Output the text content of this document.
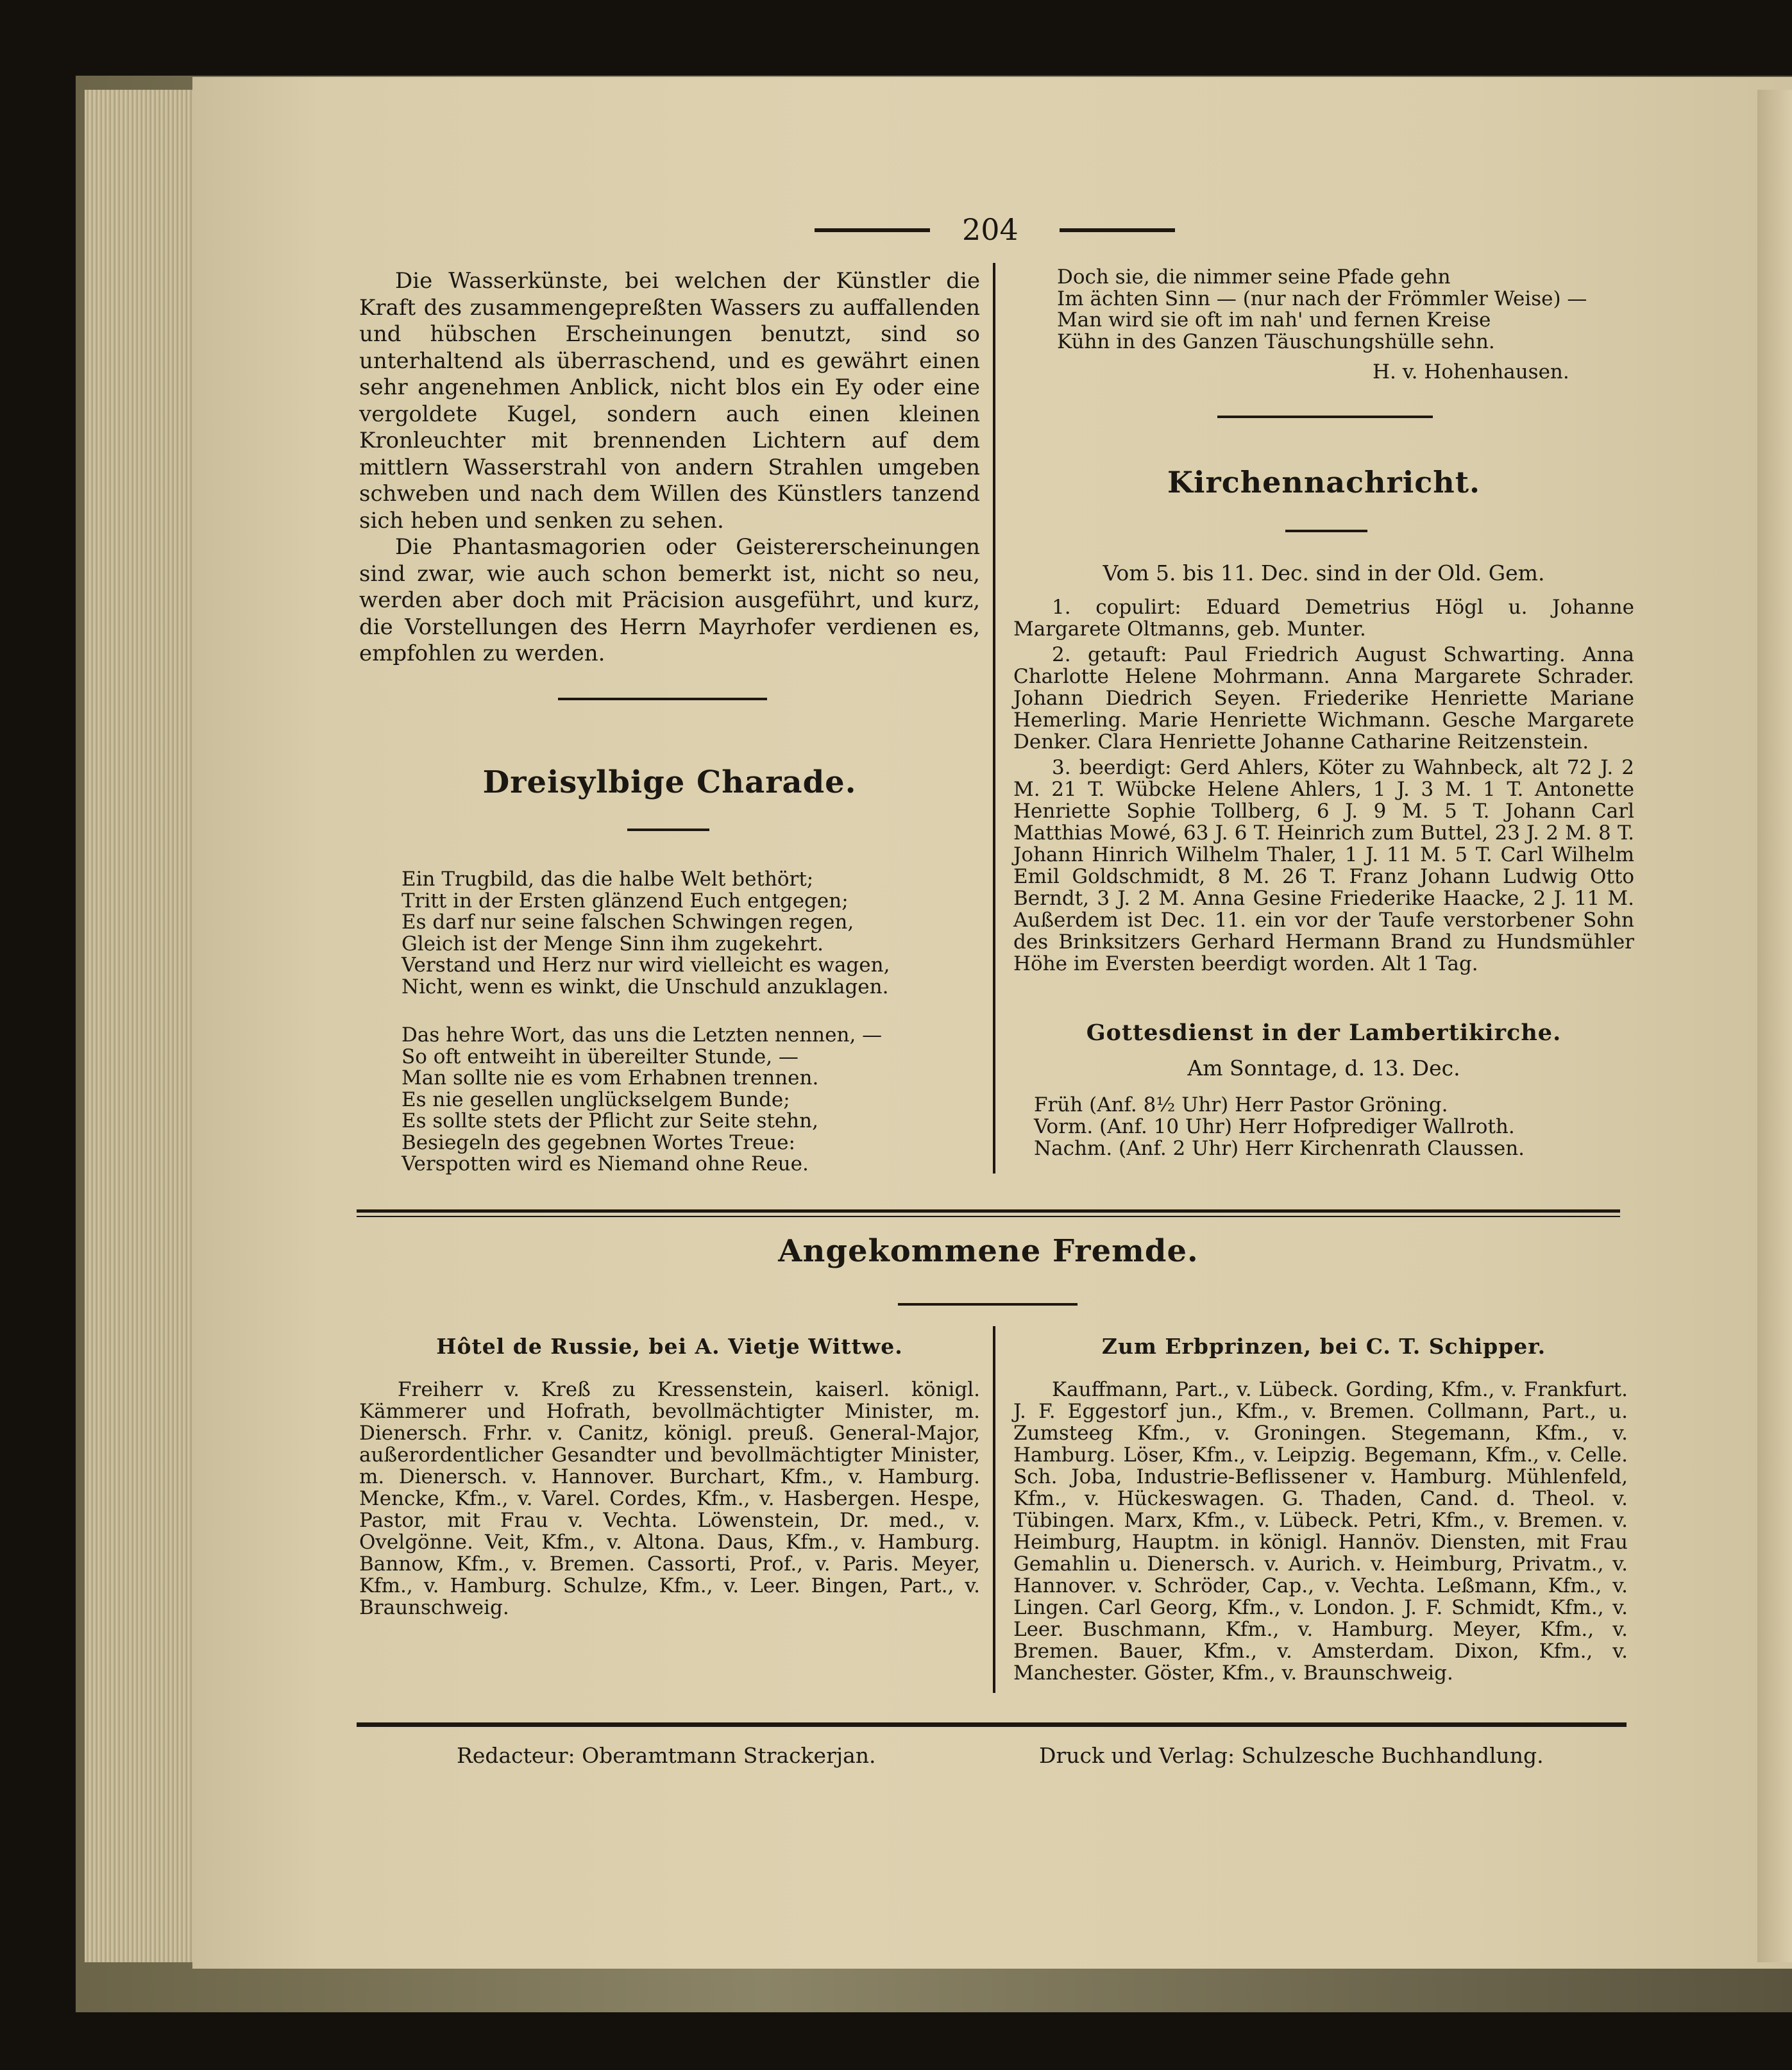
204

Die Wasserkünste, bei welchen der Künstler die Kraft des zusammengepreßten Wassers zu auffallenden und hübschen Erscheinungen benutzt, sind so unterhaltend als überraschend, und es gewährt einen sehr angenehmen Anblick, nicht blos ein Ey oder eine vergoldete Kugel, sondern auch einen kleinen Kronleuchter mit brennenden Lichtern auf dem mittlern Wasserstrahl von andern Strahlen umgeben schweben und nach dem Willen des Künstlers tanzend sich heben und senken zu sehen.

Die Phantasmagorien oder Geistererscheinungen sind zwar, wie auch schon bemerkt ist, nicht so neu, werden aber doch mit Präcision ausgeführt, und kurz, die Vorstellungen des Herrn Mayrhofer verdienen es, empfohlen zu werden.

Dreisylbige Charade.
Ein Trugbild, das die halbe Welt bethört;
Tritt in der Ersten glänzend Euch entgegen;
Es darf nur seine falschen Schwingen regen,
Gleich ist der Menge Sinn ihm zugekehrt.
Verstand und Herz nur wird vielleicht es wagen,
Nicht, wenn es winkt, die Unschuld anzuklagen.
Das hehre Wort, das uns die Letzten nennen, —
So oft entweiht in übereilter Stunde, —
Man sollte nie es vom Erhabnen trennen.
Es nie gesellen unglückselgem Bunde;
Es sollte stets der Pflicht zur Seite stehn,
Besiegeln des gegebnen Wortes Treue:
Verspotten wird es Niemand ohne Reue.
Doch sie, die nimmer seine Pfade gehn
Im ächten Sinn — (nur nach der Frömmler Weise) —
Man wird sie oft im nah' und fernen Kreise
Kühn in des Ganzen Täuschungshülle sehn.
H. v. Hohenhausen.
Kirchennachricht.
Vom 5. bis 11. Dec. sind in der Old. Gem.

1. copulirt: Eduard Demetrius Högl u. Johanne Margarete Oltmanns, geb. Munter.

2. getauft: Paul Friedrich August Schwarting. Anna Charlotte Helene Mohrmann. Anna Margarete Schrader. Johann Diedrich Seyen. Friederike Henriette Mariane Hemerling. Marie Henriette Wichmann. Gesche Margarete Denker. Clara Henriette Johanne Catharine Reitzenstein.

3. beerdigt: Gerd Ahlers, Köter zu Wahnbeck, alt 72 J. 2 M. 21 T. Wübcke Helene Ahlers, 1 J. 3 M. 1 T. Antonette Henriette Sophie Tollberg, 6 J. 9 M. 5 T. Johann Carl Matthias Mowé, 63 J. 6 T. Heinrich zum Buttel, 23 J. 2 M. 8 T. Johann Hinrich Wilhelm Thaler, 1 J. 11 M. 5 T. Carl Wilhelm Emil Goldschmidt, 8 M. 26 T. Franz Johann Ludwig Otto Berndt, 3 J. 2 M. Anna Gesine Friederike Haacke, 2 J. 11 M. Außerdem ist Dec. 11. ein vor der Taufe verstorbener Sohn des Brinksitzers Gerhard Hermann Brand zu Hundsmühler Höhe im Eversten beerdigt worden. Alt 1 Tag.

Gottesdienst in der Lambertikirche.
Am Sonntage, d. 13. Dec.
Früh (Anf. 8½ Uhr) Herr Pastor Gröning.
Vorm. (Anf. 10 Uhr) Herr Hofprediger Wallroth.
Nachm. (Anf. 2 Uhr) Herr Kirchenrath Claussen.
Angekommene Fremde.
Hôtel de Russie, bei A. Vietje Wittwe.

Freiherr v. Kreß zu Kressenstein, kaiserl. königl. Kämmerer und Hofrath, bevollmächtigter Minister, m. Dienersch. Frhr. v. Canitz, königl. preuß. General-Major, außerordentlicher Gesandter und bevollmächtigter Minister, m. Dienersch. v. Hannover. Burchart, Kfm., v. Hamburg. Mencke, Kfm., v. Varel. Cordes, Kfm., v. Hasbergen. Hespe, Pastor, mit Frau v. Vechta. Löwenstein, Dr. med., v. Ovelgönne. Veit, Kfm., v. Altona. Daus, Kfm., v. Hamburg. Bannow, Kfm., v. Bremen. Cassorti, Prof., v. Paris. Meyer, Kfm., v. Hamburg. Schulze, Kfm., v. Leer. Bingen, Part., v. Braunschweig.

Zum Erbprinzen, bei C. T. Schipper.

Kauffmann, Part., v. Lübeck. Gording, Kfm., v. Frankfurt. J. F. Eggestorf jun., Kfm., v. Bremen. Collmann, Part., u. Zumsteeg Kfm., v. Groningen. Stegemann, Kfm., v. Hamburg. Löser, Kfm., v. Leipzig. Begemann, Kfm., v. Celle. Sch. Joba, Industrie-Beflissener v. Hamburg. Mühlenfeld, Kfm., v. Hückeswagen. G. Thaden, Cand. d. Theol. v. Tübingen. Marx, Kfm., v. Lübeck. Petri, Kfm., v. Bremen. v. Heimburg, Hauptm. in königl. Hannöv. Diensten, mit Frau Gemahlin u. Dienersch. v. Aurich. v. Heimburg, Privatm., v. Hannover. v. Schröder, Cap., v. Vechta. Leßmann, Kfm., v. Lingen. Carl Georg, Kfm., v. London. J. F. Schmidt, Kfm., v. Leer. Buschmann, Kfm., v. Hamburg. Meyer, Kfm., v. Bremen. Bauer, Kfm., v. Amsterdam. Dixon, Kfm., v. Manchester. Göster, Kfm., v. Braunschweig.

Redacteur: Oberamtmann Strackerjan.	Druck und Verlag: Schulzesche Buchhandlung.
